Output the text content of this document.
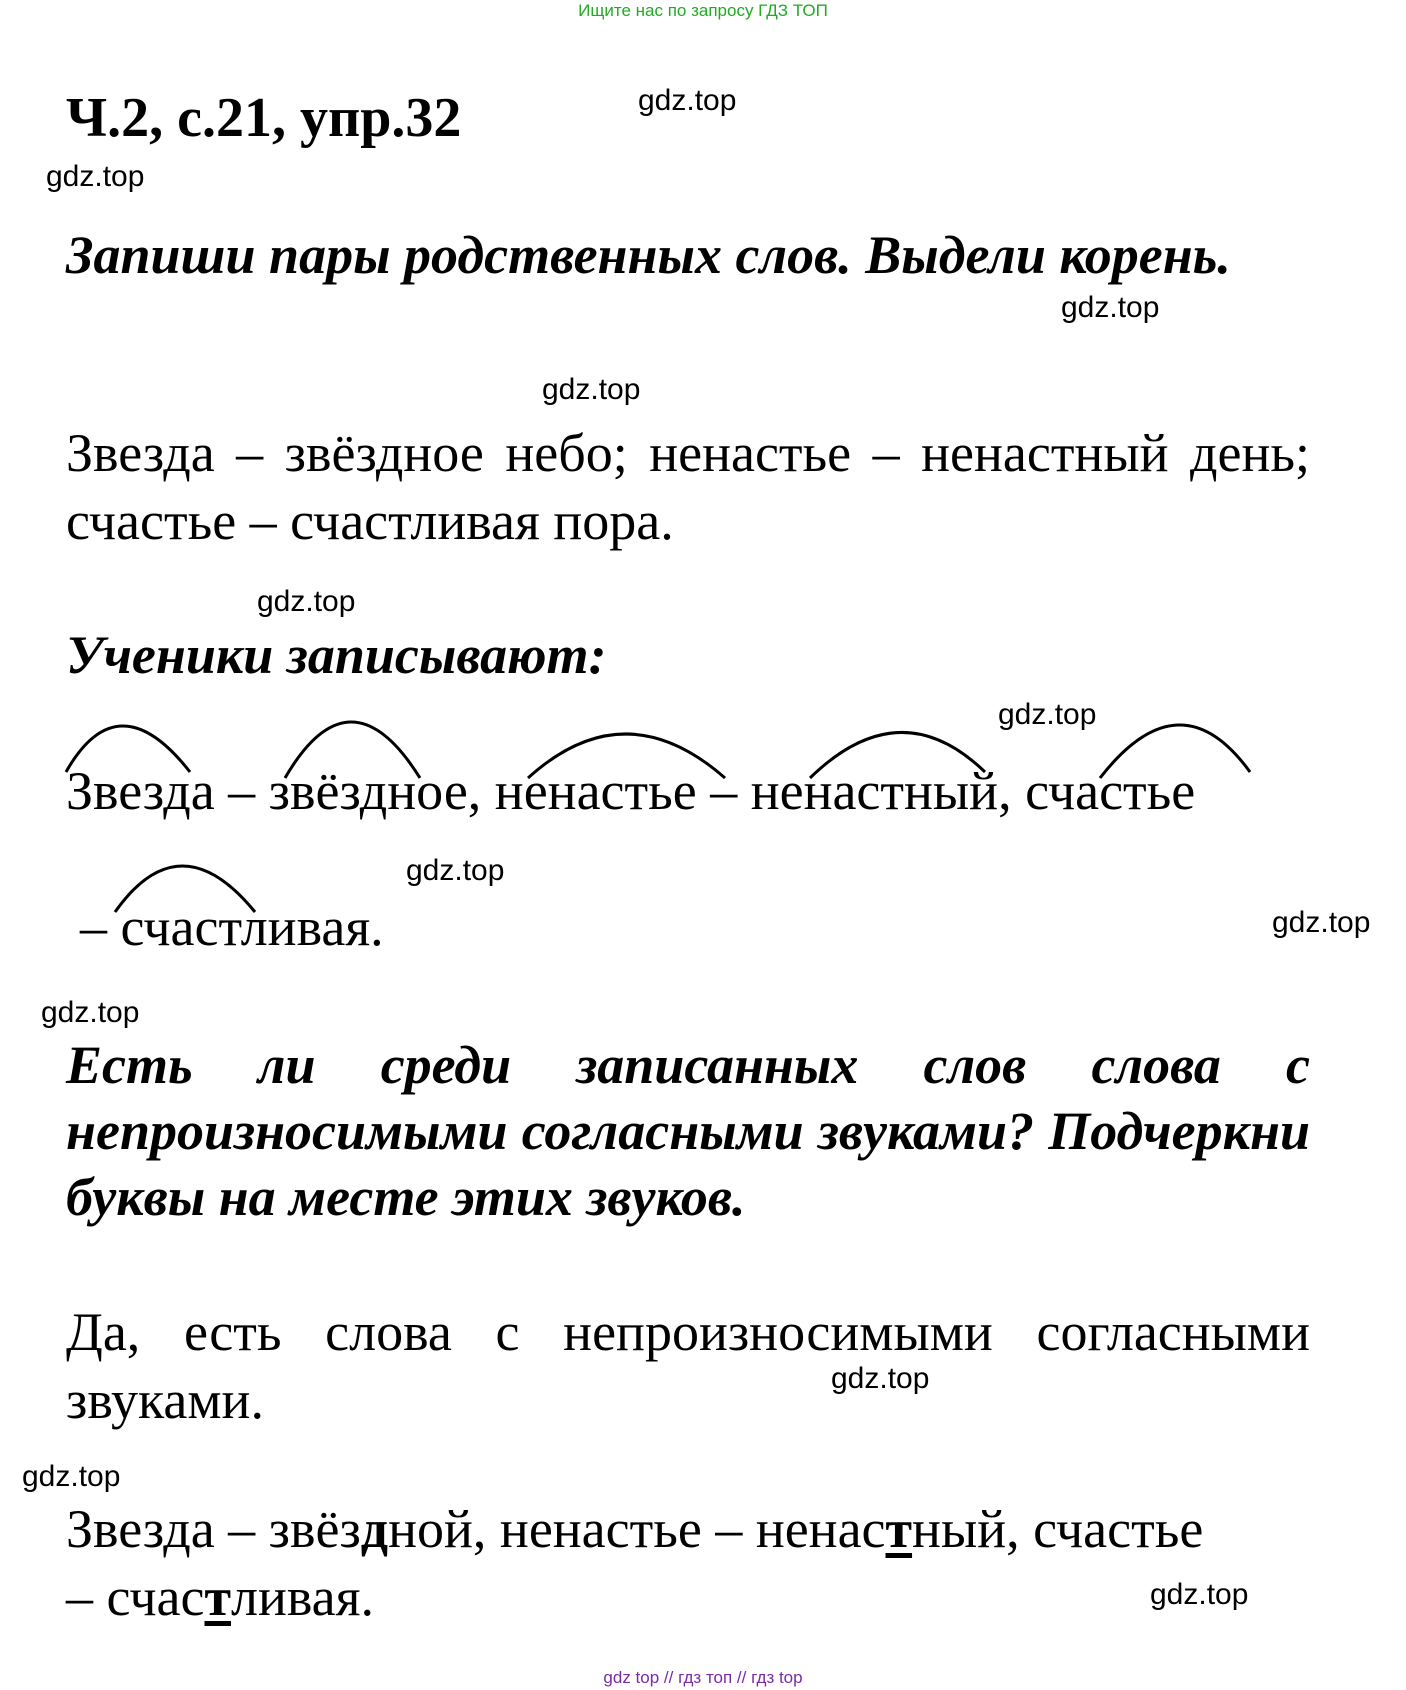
Ищите нас по запросу ГДЗ ТОП
Ч.2, с.21, упр.32	gdz.top
gdz.top
Запиши пары родственных слов. Выдели корень.
gdz.top
gdz.top
Звезда – звёздное небо; ненастье – ненастный день; счастье – счастливая пора.
gdz.top
Ученики записывают:
gdz.top
Звезда – звёздное, ненастье – ненастный, счастье
gdz.top
– счастливая.	gdz.top
gdz.top
Есть ли среди записанных слов слова с непроизносимыми согласными звуками? Подчеркни буквы на месте этих звуков.
Да, есть слова с непроизносимыми согласными звуками.	gdz.top
gdz.top
Звезда – звёздной, ненастье – ненастный, счастье
– счастливая.	gdz.top
gdz top // гдз топ // гдз top
